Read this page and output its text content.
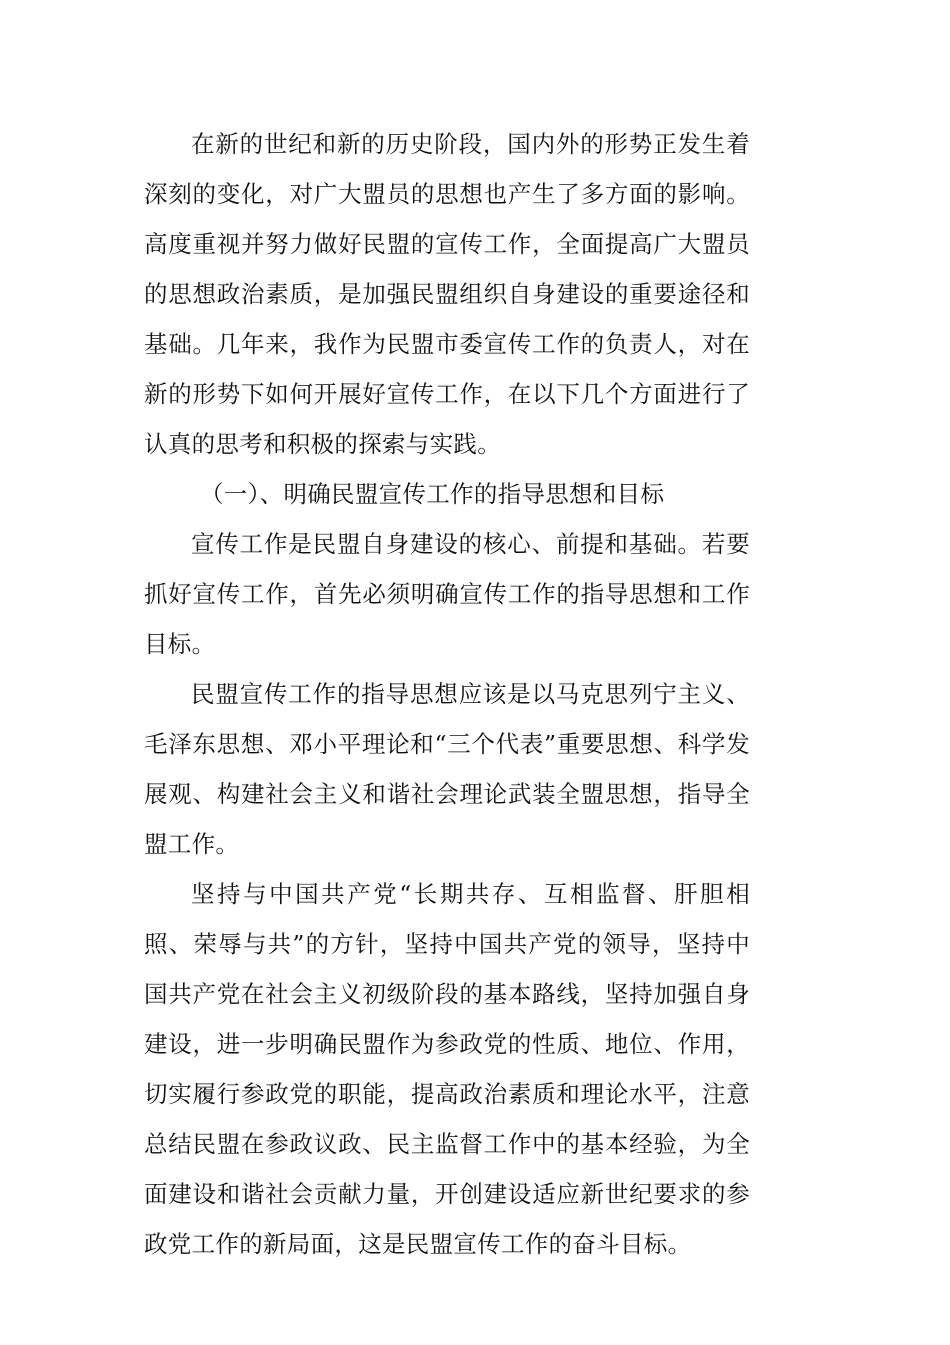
在新的世纪和新的历史阶段，国内外的形势正发生着深刻的变化，对广大盟员的思想也产生了多方面的影响。高度重视并努力做好民盟的宣传工作，全面提高广大盟员的思想政治素质，是加强民盟组织自身建设的重要途径和基础。几年来，我作为民盟市委宣传工作的负责人，对在新的形势下如何开展好宣传工作，在以下几个方面进行了认真的思考和积极的探索与实践。

（一）、明确民盟宣传工作的指导思想和目标

宣传工作是民盟自身建设的核心、前提和基础。若要抓好宣传工作，首先必须明确宣传工作的指导思想和工作目标。

民盟宣传工作的指导思想应该是以马克思列宁主义、毛泽东思想、邓小平理论和“三个代表”重要思想、科学发展观、构建社会主义和谐社会理论武装全盟思想，指导全盟工作。

坚持与中国共产党“长期共存、互相监督、肝胆相照、荣辱与共”的方针，坚持中国共产党的领导，坚持中国共产党在社会主义初级阶段的基本路线，坚持加强自身建设，进一步明确民盟作为参政党的性质、地位、作用，切实履行参政党的职能，提高政治素质和理论水平，注意总结民盟在参政议政、民主监督工作中的基本经验，为全面建设和谐社会贡献力量，开创建设适应新世纪要求的参政党工作的新局面，这是民盟宣传工作的奋斗目标。
